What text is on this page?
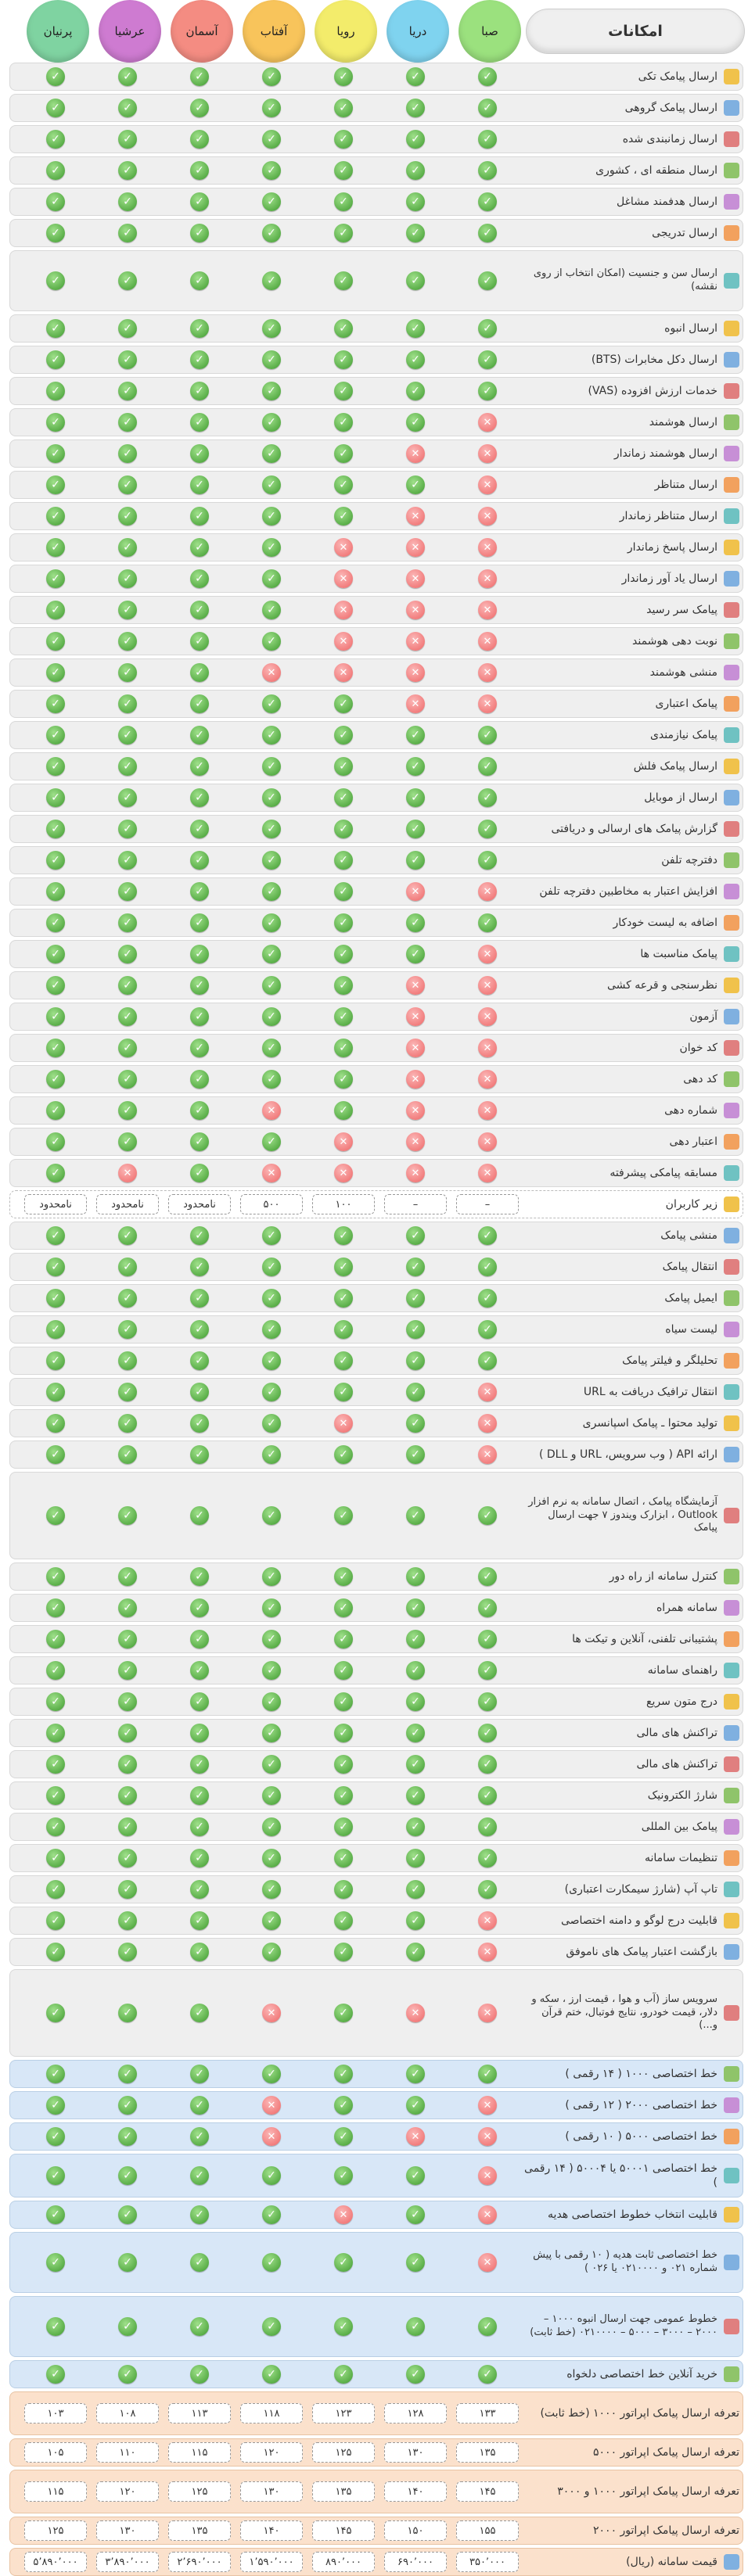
امکانات
صبا
دریا
رویا
آفتاب
آسمان
عرشیا
پرنیان
ارسال پیامک تکی
✓
✓
✓
✓
✓
✓
✓
ارسال پیامک گروهی
✓
✓
✓
✓
✓
✓
✓
ارسال زمانبندی شده
✓
✓
✓
✓
✓
✓
✓
ارسال منطقه ای ، کشوری
✓
✓
✓
✓
✓
✓
✓
ارسال هدفمند مشاغل
✓
✓
✓
✓
✓
✓
✓
ارسال تدریجی
✓
✓
✓
✓
✓
✓
✓
ارسال سن و جنسیت (امکان انتخاب از روی نقشه)
✓
✓
✓
✓
✓
✓
✓
ارسال انبوه
✓
✓
✓
✓
✓
✓
✓
ارسال دکل مخابرات (BTS)
✓
✓
✓
✓
✓
✓
✓
خدمات ارزش افزوده (VAS)
✓
✓
✓
✓
✓
✓
✓
ارسال هوشمند
✕
✓
✓
✓
✓
✓
✓
ارسال هوشمند زماندار
✕
✕
✓
✓
✓
✓
✓
ارسال متناظر
✕
✓
✓
✓
✓
✓
✓
ارسال متناظر زماندار
✕
✕
✓
✓
✓
✓
✓
ارسال پاسخ زماندار
✕
✕
✕
✓
✓
✓
✓
ارسال یاد آور زماندار
✕
✕
✕
✓
✓
✓
✓
پیامک سر رسید
✕
✕
✕
✓
✓
✓
✓
نوبت دهی هوشمند
✕
✕
✕
✓
✓
✓
✓
منشی هوشمند
✕
✕
✕
✕
✓
✓
✓
پیامک اعتباری
✕
✕
✓
✓
✓
✓
✓
پیامک نیازمندی
✓
✓
✓
✓
✓
✓
✓
ارسال پیامک فلش
✓
✓
✓
✓
✓
✓
✓
ارسال از موبایل
✓
✓
✓
✓
✓
✓
✓
گزارش پیامک های ارسالی و دریافتی
✓
✓
✓
✓
✓
✓
✓
دفترچه تلفن
✓
✓
✓
✓
✓
✓
✓
افزایش اعتبار به مخاطبین دفترچه تلفن
✕
✕
✓
✓
✓
✓
✓
اضافه به لیست خودکار
✓
✓
✓
✓
✓
✓
✓
پیامک مناسبت ها
✕
✓
✓
✓
✓
✓
✓
نظرسنجی و قرعه کشی
✕
✕
✓
✓
✓
✓
✓
آزمون
✕
✕
✓
✓
✓
✓
✓
کد خوان
✕
✕
✓
✓
✓
✓
✓
کد دهی
✕
✕
✓
✓
✓
✓
✓
شماره دهی
✕
✕
✓
✕
✓
✓
✓
اعتبار دهی
✕
✕
✕
✓
✓
✓
✓
مسابقه پیامکی پیشرفته
✕
✕
✕
✕
✓
✕
✓
زیر کاربران
–
–
۱۰۰
۵۰۰
نامحدود
نامحدود
نامحدود
منشی پیامک
✓
✓
✓
✓
✓
✓
✓
انتقال پیامک
✓
✓
✓
✓
✓
✓
✓
ایمیل پیامک
✓
✓
✓
✓
✓
✓
✓
لیست سیاه
✓
✓
✓
✓
✓
✓
✓
تحلیلگر و فیلتر پیامک
✓
✓
✓
✓
✓
✓
✓
انتقال ترافیک دریافت به URL
✕
✓
✓
✓
✓
✓
✓
تولید محتوا ـ پیامک اسپانسری
✕
✓
✕
✓
✓
✓
✓
ارائه API ( وب سرویس، URL و DLL )
✕
✓
✓
✓
✓
✓
✓
آزمایشگاه پیامک ، اتصال سامانه به نرم افزار Outlook ، ابزارک ویندوز ۷ جهت ارسال پیامک
✓
✓
✓
✓
✓
✓
✓
کنترل سامانه از راه دور
✓
✓
✓
✓
✓
✓
✓
سامانه همراه
✓
✓
✓
✓
✓
✓
✓
پشتیبانی تلفنی، آنلاین و تیکت ها
✓
✓
✓
✓
✓
✓
✓
راهنمای سامانه
✓
✓
✓
✓
✓
✓
✓
درج متون سریع
✓
✓
✓
✓
✓
✓
✓
تراکنش های مالی
✓
✓
✓
✓
✓
✓
✓
تراکنش های مالی
✓
✓
✓
✓
✓
✓
✓
شارژ الکترونیک
✓
✓
✓
✓
✓
✓
✓
پیامک بین المللی
✓
✓
✓
✓
✓
✓
✓
تنظیمات سامانه
✓
✓
✓
✓
✓
✓
✓
تاپ آپ (شارژ سیمکارت اعتباری)
✓
✓
✓
✓
✓
✓
✓
قابلیت درج لوگو و دامنه اختصاصی
✕
✓
✓
✓
✓
✓
✓
بازگشت اعتبار پیامک های ناموفق
✕
✓
✓
✓
✓
✓
✓
سرویس ساز (آب و هوا ، قیمت ارز ، سکه و دلار، قیمت خودرو، نتایج فوتبال، ختم قرآن و...)
✕
✕
✓
✕
✓
✓
✓
خط اختصاصی ۱۰۰۰ ( ۱۴ رقمی )
✓
✓
✓
✓
✓
✓
✓
خط اختصاصی ۲۰۰۰ ( ۱۲ رقمی )
✕
✓
✓
✕
✓
✓
✓
خط اختصاصی ۵۰۰۰ ( ۱۰ رقمی )
✕
✕
✓
✕
✓
✓
✓
خط اختصاصی ۵۰۰۰۱ یا ۵۰۰۰۴ ( ۱۴ رقمی )
✕
✓
✓
✓
✓
✓
✓
قابلیت انتخاب خطوط اختصاصی هدیه
✕
✓
✕
✓
✓
✓
✓
خط اختصاصی ثابت هدیه ( ۱۰ رقمی با پیش شماره ۰۲۱ و ۰۲۱۰۰۰۰ یا ۰۲۶ )
✕
✓
✓
✓
✓
✓
✓
خطوط عمومی جهت ارسال انبوه ۱۰۰۰ – ۲۰۰۰ – ۳۰۰۰ – ۵۰۰۰ – ۰۲۱۰۰۰۰ (خط ثابت)
✓
✓
✓
✓
✓
✓
✓
خرید آنلاین خط اختصاصی دلخواه
✓
✓
✓
✓
✓
✓
✓
تعرفه ارسال پیامک اپراتور ۱۰۰۰ (خط ثابت)
۱۳۳
۱۲۸
۱۲۳
۱۱۸
۱۱۳
۱۰۸
۱۰۳
تعرفه ارسال پیامک اپراتور ۵۰۰۰
۱۳۵
۱۳۰
۱۲۵
۱۲۰
۱۱۵
۱۱۰
۱۰۵
تعرفه ارسال پیامک اپراتور ۱۰۰۰ و ۳۰۰۰
۱۴۵
۱۴۰
۱۳۵
۱۳۰
۱۲۵
۱۲۰
۱۱۵
تعرفه ارسال پیامک اپراتور ۲۰۰۰
۱۵۵
۱۵۰
۱۴۵
۱۴۰
۱۳۵
۱۳۰
۱۲۵
قیمت سامانه (ریال)
۳۵۰٬۰۰۰
۶۹۰٬۰۰۰
۸۹۰٬۰۰۰
۱٬۵۹۰٬۰۰۰
۲٬۶۹۰٬۰۰۰
۳٬۸۹۰٬۰۰۰
۵٬۸۹۰٬۰۰۰
